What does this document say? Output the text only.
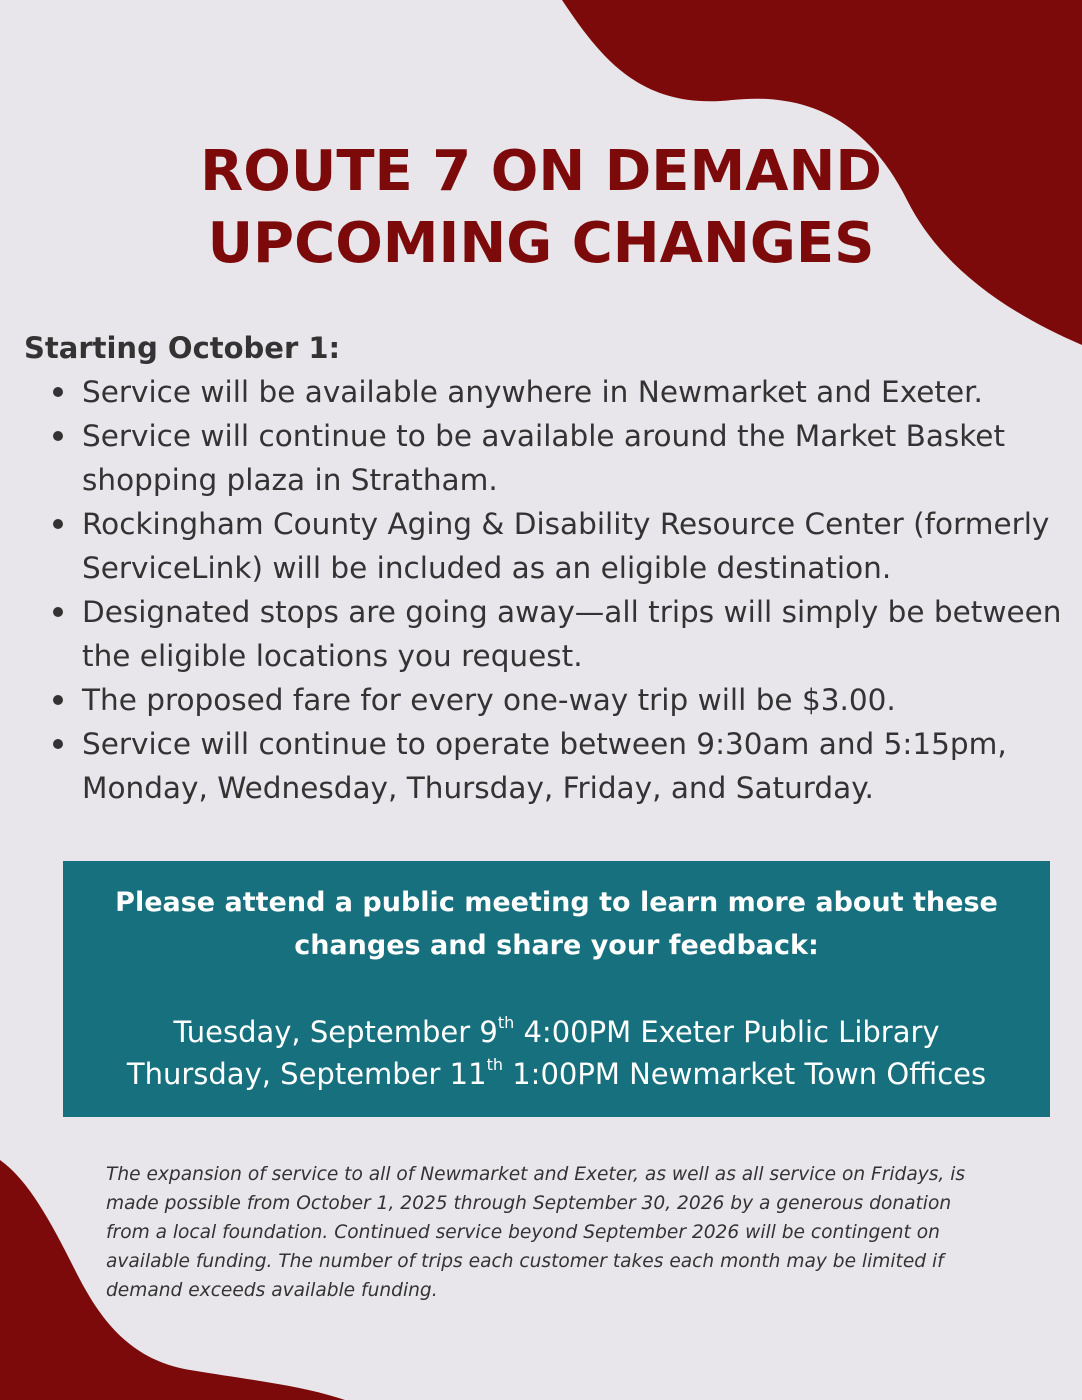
ROUTE 7 ON DEMAND
UPCOMING CHANGES
Starting October 1:
Service will be available anywhere in Newmarket and Exeter.
Service will continue to be available around the Market Basket shopping plaza in Stratham.
Rockingham County Aging & Disability Resource Center (formerly ServiceLink) will be included as an eligible destination.
Designated stops are going away—all trips will simply be between the eligible locations you request.
The proposed fare for every one-way trip will be $3.00.
Service will continue to operate between 9:30am and 5:15pm, Monday, Wednesday, Thursday, Friday, and Saturday.

Please attend a public meeting to learn more about these changes and share your feedback:

Tuesday, September 9th 4:00PM Exeter Public Library
Thursday, September 11th 1:00PM Newmarket Town Offices

The expansion of service to all of Newmarket and Exeter, as well as all service on Fridays, is made possible from October 1, 2025 through September 30, 2026 by a generous donation from a local foundation. Continued service beyond September 2026 will be contingent on available funding. The number of trips each customer takes each month may be limited if demand exceeds available funding.
